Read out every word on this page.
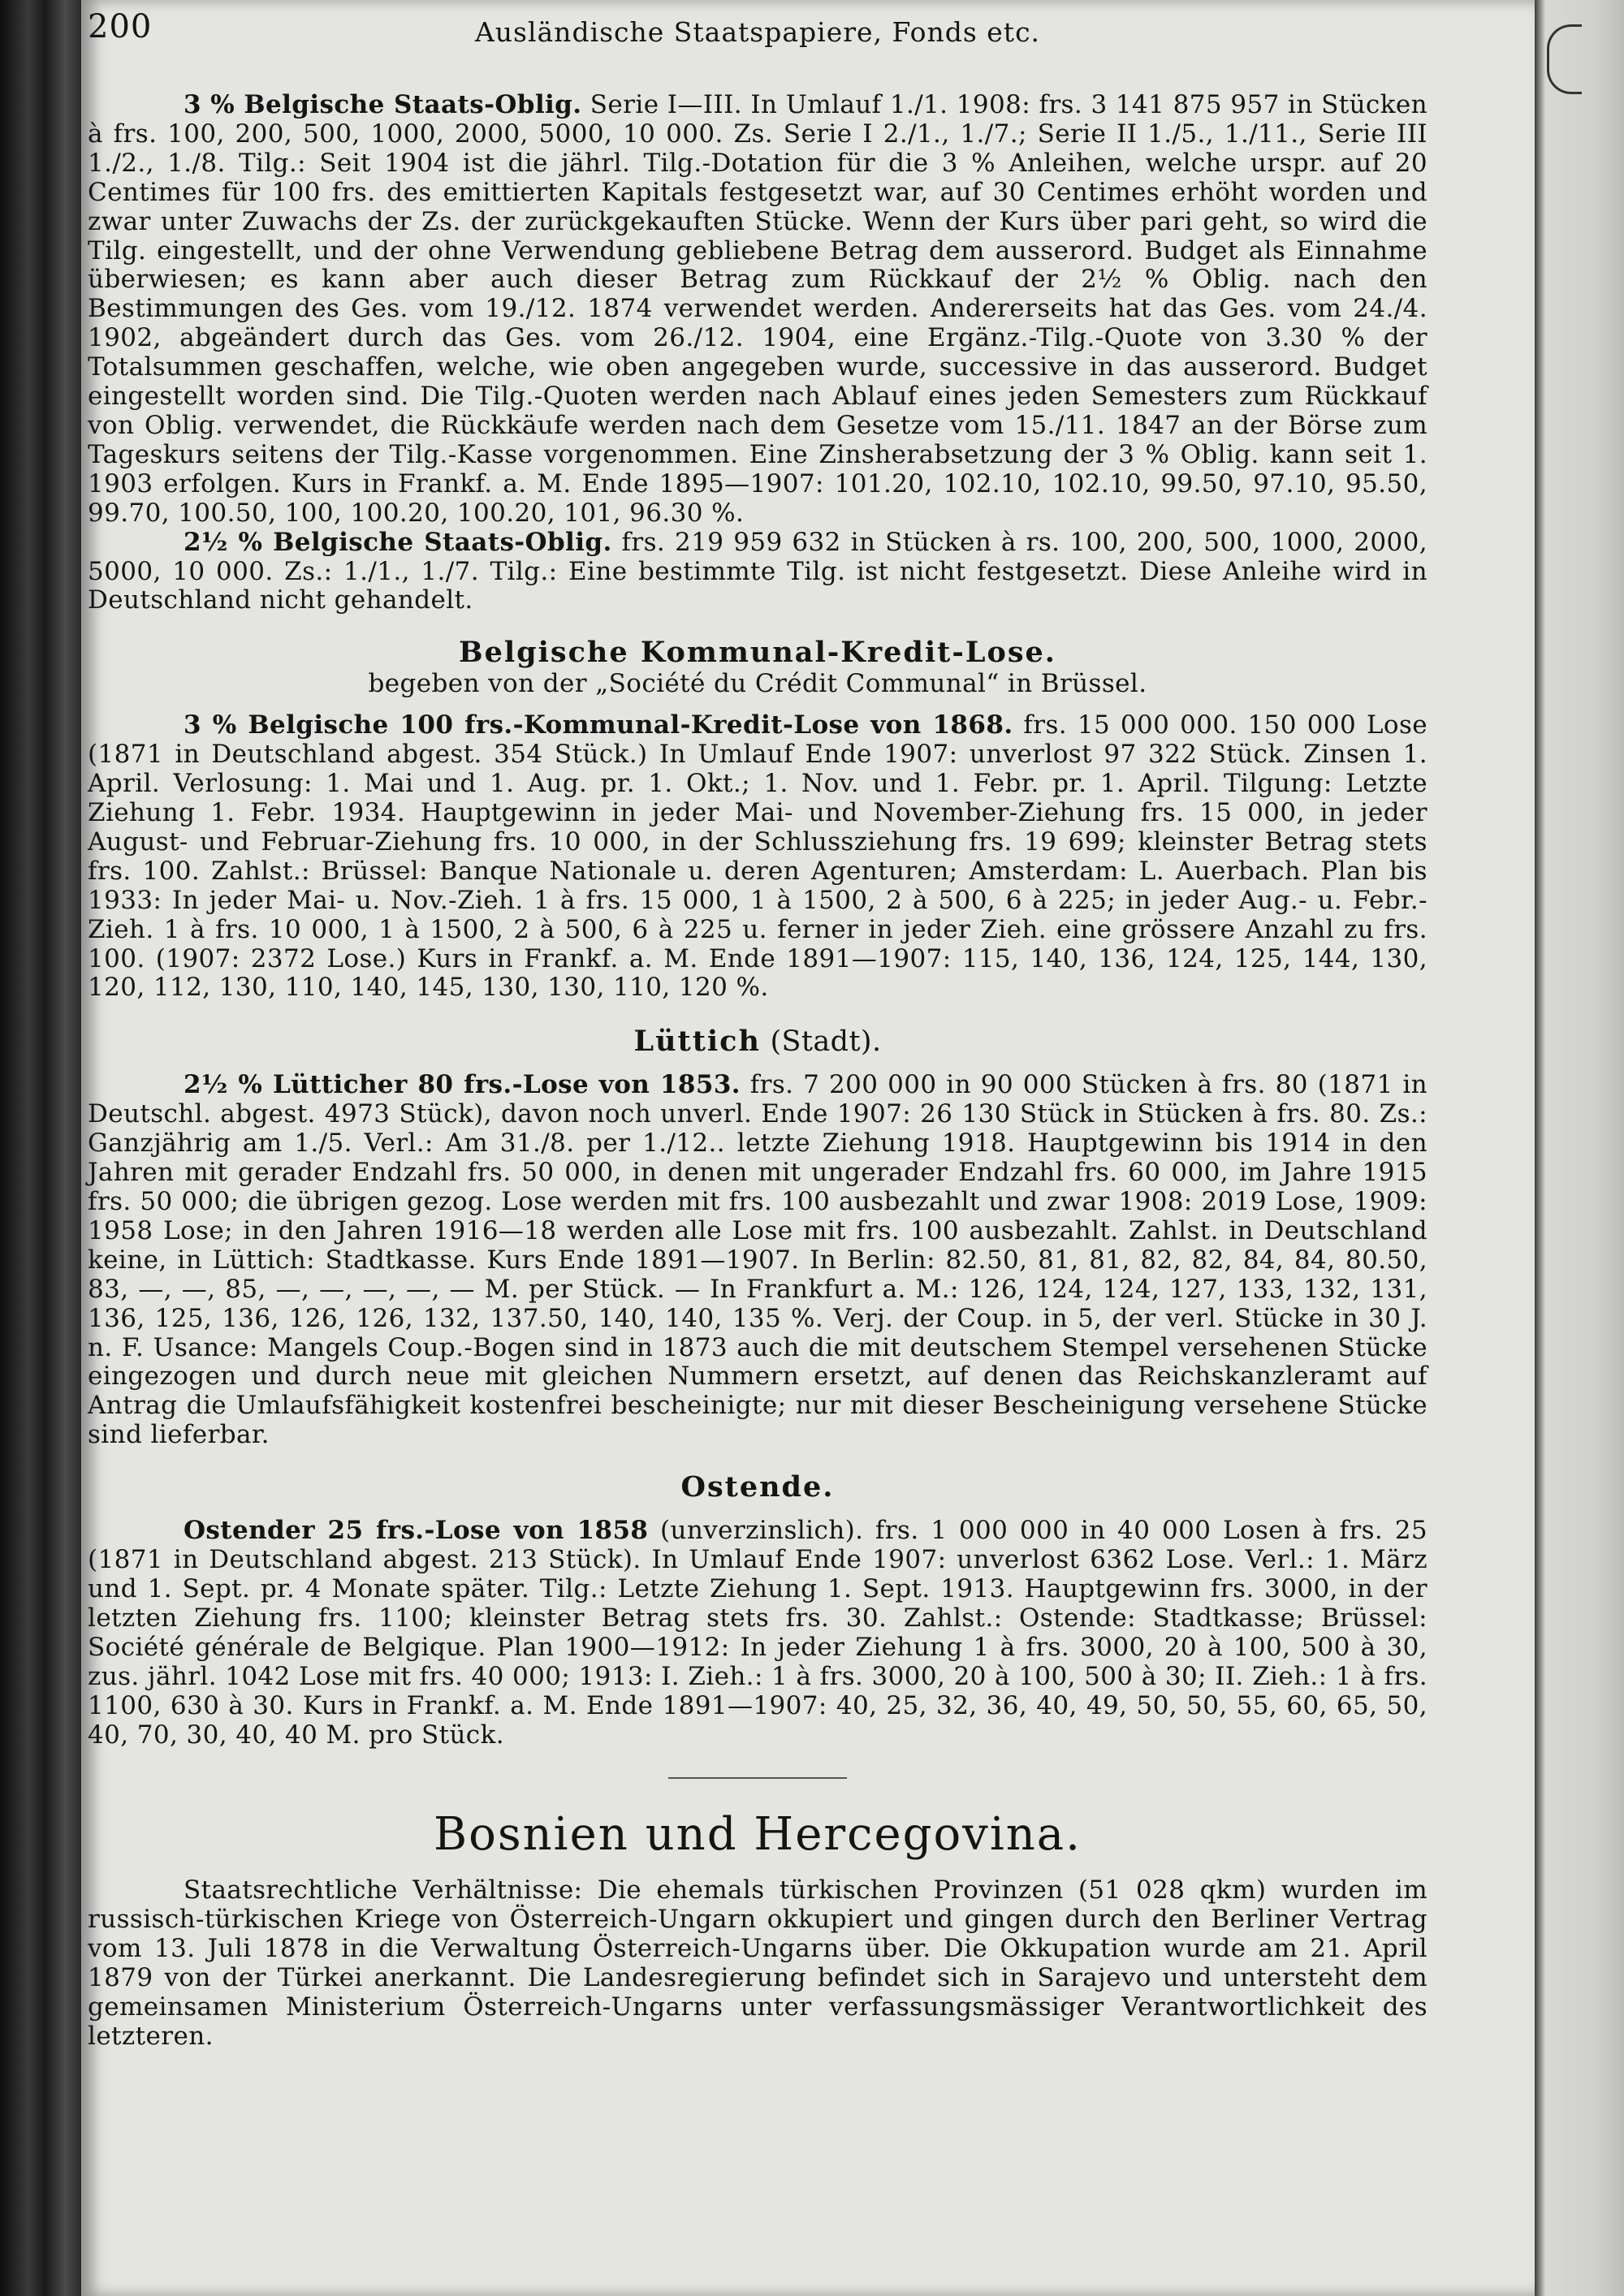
200	Ausländische Staatspapiere, Fonds etc.

3 % Belgische Staats-Oblig. Serie I—III. In Umlauf 1./1. 1908: frs. 3 141 875 957 in Stücken à frs. 100, 200, 500, 1000, 2000, 5000, 10 000. Zs. Serie I 2./1., 1./7.; Serie II 1./5., 1./11., Serie III 1./2., 1./8. Tilg.: Seit 1904 ist die jährl. Tilg.-Dotation für die 3 % Anleihen, welche urspr. auf 20 Centimes für 100 frs. des emittierten Kapitals festgesetzt war, auf 30 Centimes erhöht worden und zwar unter Zuwachs der Zs. der zurückgekauften Stücke. Wenn der Kurs über pari geht, so wird die Tilg. eingestellt, und der ohne Verwendung gebliebene Betrag dem ausserord. Budget als Einnahme überwiesen; es kann aber auch dieser Betrag zum Rückkauf der 2½ % Oblig. nach den Bestimmungen des Ges. vom 19./12. 1874 verwendet werden. Andererseits hat das Ges. vom 24./4. 1902, abgeändert durch das Ges. vom 26./12. 1904, eine Ergänz.-Tilg.-Quote von 3.30 % der Totalsummen geschaffen, welche, wie oben angegeben wurde, successive in das ausserord. Budget eingestellt worden sind. Die Tilg.-Quoten werden nach Ablauf eines jeden Semesters zum Rückkauf von Oblig. verwendet, die Rückkäufe werden nach dem Gesetze vom 15./11. 1847 an der Börse zum Tageskurs seitens der Tilg.-Kasse vorgenommen. Eine Zinsherabsetzung der 3 % Oblig. kann seit 1. 1903 erfolgen. Kurs in Frankf. a. M. Ende 1895—1907: 101.20, 102.10, 102.10, 99.50, 97.10, 95.50, 99.70, 100.50, 100, 100.20, 100.20, 101, 96.30 %.

2½ % Belgische Staats-Oblig. frs. 219 959 632 in Stücken à rs. 100, 200, 500, 1000, 2000, 5000, 10 000. Zs.: 1./1., 1./7. Tilg.: Eine bestimmte Tilg. ist nicht festgesetzt. Diese Anleihe wird in Deutschland nicht gehandelt.

Belgische Kommunal-Kredit-Lose.

begeben von der „Société du Crédit Communal“ in Brüssel.

3 % Belgische 100 frs.-Kommunal-Kredit-Lose von 1868. frs. 15 000 000. 150 000 Lose (1871 in Deutschland abgest. 354 Stück.) In Umlauf Ende 1907: unverlost 97 322 Stück. Zinsen 1. April. Verlosung: 1. Mai und 1. Aug. pr. 1. Okt.; 1. Nov. und 1. Febr. pr. 1. April. Tilgung: Letzte Ziehung 1. Febr. 1934. Hauptgewinn in jeder Mai- und November-Ziehung frs. 15 000, in jeder August- und Februar-Ziehung frs. 10 000, in der Schlussziehung frs. 19 699; kleinster Betrag stets frs. 100. Zahlst.: Brüssel: Banque Nationale u. deren Agenturen; Amsterdam: L. Auerbach. Plan bis 1933: In jeder Mai- u. Nov.-Zieh. 1 à frs. 15 000, 1 à 1500, 2 à 500, 6 à 225; in jeder Aug.- u. Febr.-Zieh. 1 à frs. 10 000, 1 à 1500, 2 à 500, 6 à 225 u. ferner in jeder Zieh. eine grössere Anzahl zu frs. 100. (1907: 2372 Lose.) Kurs in Frankf. a. M. Ende 1891—1907: 115, 140, 136, 124, 125, 144, 130, 120, 112, 130, 110, 140, 145, 130, 130, 110, 120 %.

Lüttich (Stadt).

2½ % Lütticher 80 frs.-Lose von 1853. frs. 7 200 000 in 90 000 Stücken à frs. 80 (1871 in Deutschl. abgest. 4973 Stück), davon noch unverl. Ende 1907: 26 130 Stück in Stücken à frs. 80. Zs.: Ganzjährig am 1./5. Verl.: Am 31./8. per 1./12.. letzte Ziehung 1918. Hauptgewinn bis 1914 in den Jahren mit gerader Endzahl frs. 50 000, in denen mit ungerader Endzahl frs. 60 000, im Jahre 1915 frs. 50 000; die übrigen gezog. Lose werden mit frs. 100 ausbezahlt und zwar 1908: 2019 Lose, 1909: 1958 Lose; in den Jahren 1916—18 werden alle Lose mit frs. 100 ausbezahlt. Zahlst. in Deutschland keine, in Lüttich: Stadtkasse. Kurs Ende 1891—1907. In Berlin: 82.50, 81, 81, 82, 82, 84, 84, 80.50, 83, —, —, 85, —, —, —, —, — M. per Stück. — In Frankfurt a. M.: 126, 124, 124, 127, 133, 132, 131, 136, 125, 136, 126, 126, 132, 137.50, 140, 140, 135 %. Verj. der Coup. in 5, der verl. Stücke in 30 J. n. F. Usance: Mangels Coup.-Bogen sind in 1873 auch die mit deutschem Stempel versehenen Stücke eingezogen und durch neue mit gleichen Nummern ersetzt, auf denen das Reichskanzleramt auf Antrag die Umlaufsfähigkeit kostenfrei bescheinigte; nur mit dieser Bescheinigung versehene Stücke sind lieferbar.

Ostende.

Ostender 25 frs.-Lose von 1858 (unverzinslich). frs. 1 000 000 in 40 000 Losen à frs. 25 (1871 in Deutschland abgest. 213 Stück). In Umlauf Ende 1907: unverlost 6362 Lose. Verl.: 1. März und 1. Sept. pr. 4 Monate später. Tilg.: Letzte Ziehung 1. Sept. 1913. Hauptgewinn frs. 3000, in der letzten Ziehung frs. 1100; kleinster Betrag stets frs. 30. Zahlst.: Ostende: Stadtkasse; Brüssel: Société générale de Belgique. Plan 1900—1912: In jeder Ziehung 1 à frs. 3000, 20 à 100, 500 à 30, zus. jährl. 1042 Lose mit frs. 40 000; 1913: I. Zieh.: 1 à frs. 3000, 20 à 100, 500 à 30; II. Zieh.: 1 à frs. 1100, 630 à 30. Kurs in Frankf. a. M. Ende 1891—1907: 40, 25, 32, 36, 40, 49, 50, 50, 55, 60, 65, 50, 40, 70, 30, 40, 40 M. pro Stück.

Bosnien und Hercegovina.

Staatsrechtliche Verhältnisse: Die ehemals türkischen Provinzen (51 028 qkm) wurden im russisch-türkischen Kriege von Österreich-Ungarn okkupiert und gingen durch den Berliner Vertrag vom 13. Juli 1878 in die Verwaltung Österreich-Ungarns über. Die Okkupation wurde am 21. April 1879 von der Türkei anerkannt. Die Landesregierung befindet sich in Sarajevo und untersteht dem gemeinsamen Ministerium Österreich-Ungarns unter verfassungsmässiger Verantwortlichkeit des letzteren.
